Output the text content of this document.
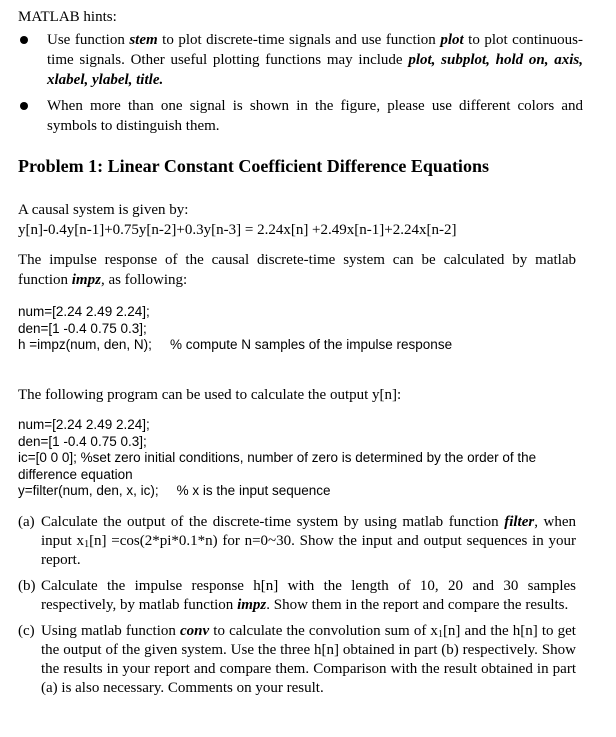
MATLAB hints:
Use function stem to plot discrete-time signals and use function plot to plot continuous-time signals. Other useful plotting functions may include plot, subplot, hold on, axis, xlabel, ylabel, title.
When more than one signal is shown in the figure, please use different colors and symbols to distinguish them.
Problem 1: Linear Constant Coefficient Difference Equations
A causal system is given by:
y[n]-0.4y[n-1]+0.75y[n-2]+0.3y[n-3] = 2.24x[n] +2.49x[n-1]+2.24x[n-2]
The impulse response of the causal discrete-time system can be calculated by matlab function impz, as following:
num=[2.24 2.49 2.24];
den=[1 -0.4 0.75 0.3];
h =impz(num, den, N); % compute N samples of the impulse response
The following program can be used to calculate the output y[n]:
num=[2.24 2.49 2.24];
den=[1 -0.4 0.75 0.3];
ic=[0 0 0]; %set zero initial conditions, number of zero is determined by the order of the difference equation
y=filter(num, den, x, ic); % x is the input sequence
(a) Calculate the output of the discrete-time system by using matlab function filter, when input $x_1[n] =\cos(2*pi*0.1*n)$ for n=0~30. Show the input and output sequences in your report.
(b) Calculate the impulse response h[n] with the length of 10, 20 and 30 samples respectively, by matlab function impz. Show them in the report and compare the results.
(c) Using matlab function conv to calculate the convolution sum of $x_1[n]$ and the h[n] to get the output of the given system. Use the three h[n] obtained in part (b) respectively. Show the results in your report and compare them. Comparison with the result obtained in part (a) is also necessary. Comments on your result.
